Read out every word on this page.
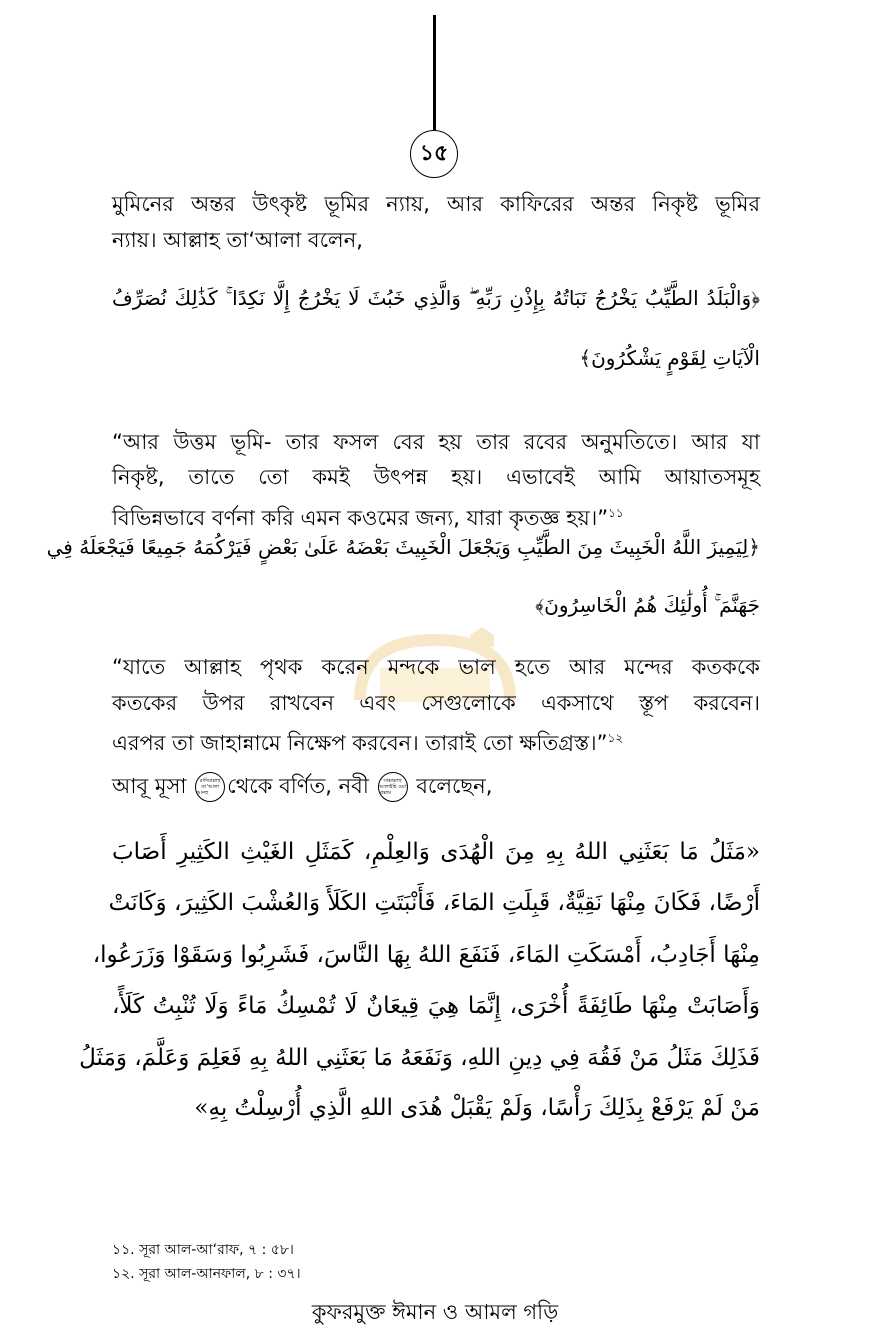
১৫
মুমিনের অন্তর উৎকৃষ্ট ভূমির ন্যায়, আর কাফিরের অন্তর নিকৃষ্ট ভূমির
ন্যায়। আল্লাহ তা‘আলা বলেন,
﴿وَالْبَلَدُ الطَّيِّبُ يَخْرُجُ نَبَاتُهُ بِإِذْنِ رَبِّهِ ۖ وَالَّذِي خَبُثَ لَا يَخْرُجُ إِلَّا نَكِدًا ۚ كَذَٰلِكَ نُصَرِّفُ
الْآيَاتِ لِقَوْمٍ يَشْكُرُونَ﴾
“আর উত্তম ভূমি- তার ফসল বের হয় তার রবের অনুমতিতে। আর যা
নিকৃষ্ট, তাতে তো কমই উৎপন্ন হয়। এভাবেই আমি আয়াতসমূহ
বিভিন্নভাবে বর্ণনা করি এমন কওমের জন্য, যারা কৃতজ্ঞ হয়।”$^{১১}$
﴿لِيَمِيزَ اللَّهُ الْخَبِيثَ مِنَ الطَّيِّبِ وَيَجْعَلَ الْخَبِيثَ بَعْضَهُ عَلَىٰ بَعْضٍ فَيَرْكُمَهُ جَمِيعًا فَيَجْعَلَهُ فِي
جَهَنَّمَ ۚ أُولَٰئِكَ هُمُ الْخَاسِرُونَ﴾
“যাতে আল্লাহ পৃথক করেন মন্দকে ভাল হতে আর মন্দের কতককে
কতকের উপর রাখবেন এবং সেগুলোকে একসাথে স্তূপ করবেন।
এরপর তা জাহান্নামে নিক্ষেপ করবেন। তারাই তো ক্ষতিগ্রস্ত।”$^{১২}$
আবূ মূসা	রাদিয়াল্লাহু তা‘আলা আনহু থেকে বর্ণিত, নবী	সাল্লাল্লাহু আলাইহি ওয়া সাল্লাম বলেছেন,
«مَثَلُ مَا بَعَثَنِي اللهُ بِهِ مِنَ الْهُدَى وَالعِلْمِ، كَمَثَلِ الغَيْثِ الكَثِيرِ أَصَابَ
أَرْضًا، فَكَانَ مِنْهَا نَقِيَّةٌ، قَبِلَتِ المَاءَ، فَأَنْبَتَتِ الكَلَأَ وَالعُشْبَ الكَثِيرَ، وَكَانَتْ
مِنْهَا أَجَادِبُ، أَمْسَكَتِ المَاءَ، فَنَفَعَ اللهُ بِهَا النَّاسَ، فَشَرِبُوا وَسَقَوْا وَزَرَعُوا،
وَأَصَابَتْ مِنْهَا طَائِفَةً أُخْرَى، إِنَّمَا هِيَ قِيعَانٌ لَا تُمْسِكُ مَاءً وَلَا تُنْبِتُ كَلَأً،
فَذَلِكَ مَثَلُ مَنْ فَقُهَ فِي دِينِ اللهِ، وَنَفَعَهُ مَا بَعَثَنِي اللهُ بِهِ فَعَلِمَ وَعَلَّمَ، وَمَثَلُ
مَنْ لَمْ يَرْفَعْ بِذَلِكَ رَأْسًا، وَلَمْ يَقْبَلْ هُدَى اللهِ الَّذِي أُرْسِلْتُ بِهِ»
১১. সূরা আল-আ‘রাফ, ৭ : ৫৮।
১২. সূরা আল-আনফাল, ৮ : ৩৭।
কুফরমুক্ত ঈমান ও আমল গড়ি
